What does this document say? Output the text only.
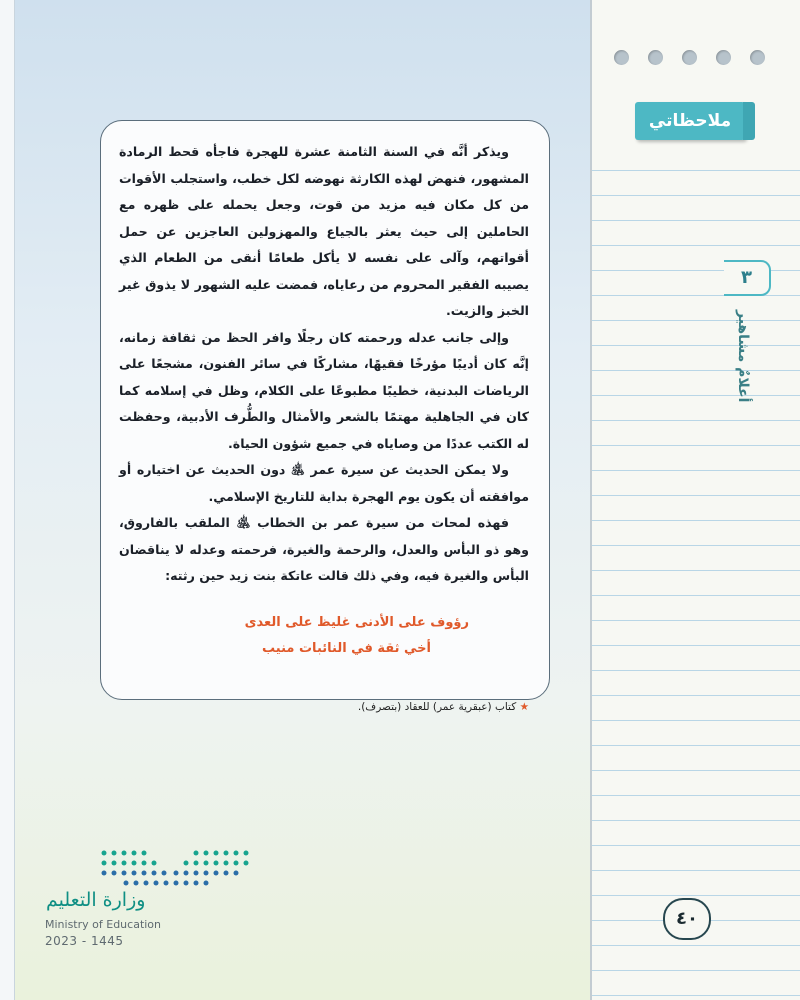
ملاحظاتي
٣
أعلامٌ مشاهير

ويذكر أنَّه في السنة الثامنة عشرة للهجرة فاجأه قحط الرمادة المشهور، فنهض لهذه الكارثة نهوضه لكل خطب، واستجلب الأقوات من كل مكان فيه مزيد من قوت، وجعل يحمله على ظهره مع الحاملين إلى حيث يعثر بالجياع والمهزولين العاجزين عن حمل أقواتهم، وآلى على نفسه لا يأكل طعامًا أنقى من الطعام الذي يصيبه الفقير المحروم من رعاياه، فمضت عليه الشهور لا يذوق غير الخبز والزيت.

وإلى جانب عدله ورحمته كان رجلًا وافر الحظ من ثقافة زمانه، إنَّه كان أديبًا مؤرخًا فقيهًا، مشاركًا في سائر الفنون، مشجعًا على الرياضات البدنية، خطيبًا مطبوعًا على الكلام، وظل في إسلامه كما كان في الجاهلية مهتمًا بالشعر والأمثال والطُّرف الأدبية، وحفظت له الكتب عددًا من وصاياه في جميع شؤون الحياة.

ولا يمكن الحديث عن سيرة عمر ﵁ دون الحديث عن اختياره أو موافقته أن يكون يوم الهجرة بداية للتاريخ الإسلامي.

فهذه لمحات من سيرة عمر بن الخطاب ﵁ الملقب بالفاروق، وهو ذو البأس والعدل، والرحمة والغيرة، فرحمته وعدله لا يناقضان البأس والغيرة فيه، وفي ذلك قالت عاتكة بنت زيد حين رثته:

رؤوف على الأدنى غليظ على العدى
أخي ثقة في النائبات منيب
★ كتاب (عبقرية عمر) للعقاد (بتصرف).
وزارة التعليم
Ministry of Education
2023 - 1445
٤٠
